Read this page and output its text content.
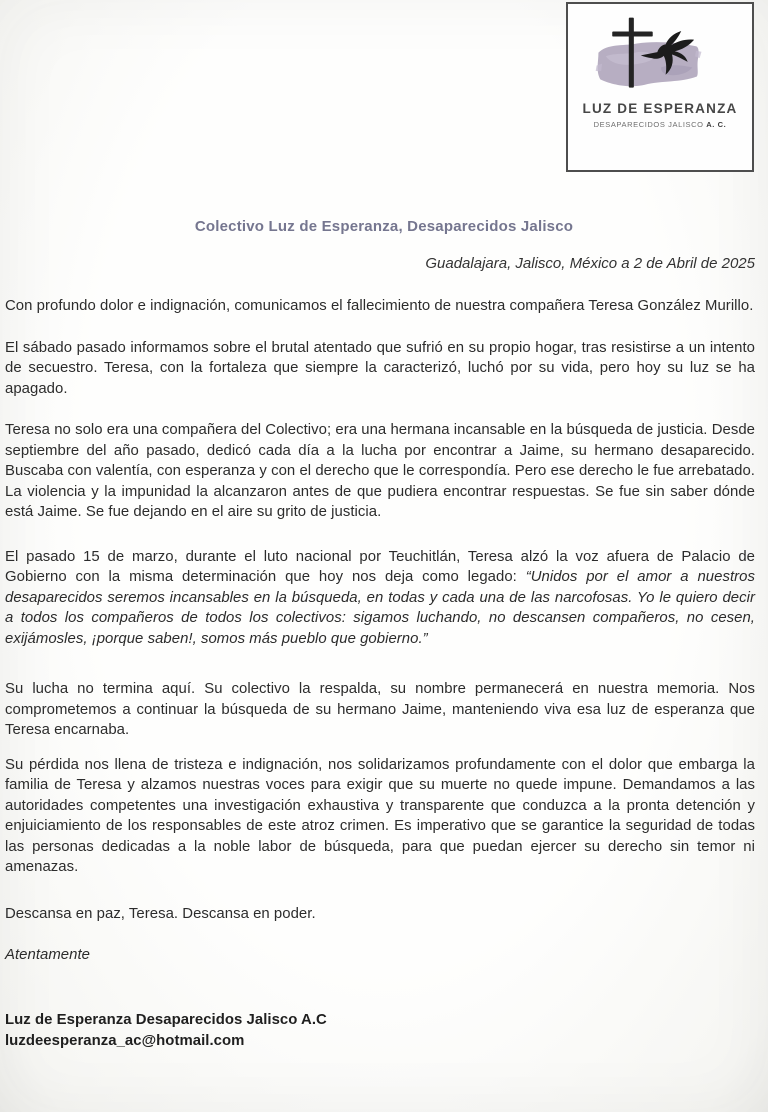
LUZ DE ESPERANZA
DESAPARECIDOS JALISCO A. C.
Colectivo Luz de Esperanza, Desaparecidos Jalisco
Guadalajara, Jalisco, México a 2 de Abril de 2025

Con profundo dolor e indignación, comunicamos el fallecimiento de nuestra compañera Teresa González Murillo.

El sábado pasado informamos sobre el brutal atentado que sufrió en su propio hogar, tras resistirse a un intento de secuestro. Teresa, con la fortaleza que siempre la caracterizó, luchó por su vida, pero hoy su luz se ha apagado.

Teresa no solo era una compañera del Colectivo; era una hermana incansable en la búsqueda de justicia. Desde septiembre del año pasado, dedicó cada día a la lucha por encontrar a Jaime, su hermano desaparecido. Buscaba con valentía, con esperanza y con el derecho que le correspondía. Pero ese derecho le fue arrebatado. La violencia y la impunidad la alcanzaron antes de que pudiera encontrar respuestas. Se fue sin saber dónde está Jaime. Se fue dejando en el aire su grito de justicia.

El pasado 15 de marzo, durante el luto nacional por Teuchitlán, Teresa alzó la voz afuera de Palacio de Gobierno con la misma determinación que hoy nos deja como legado: “Unidos por el amor a nuestros desaparecidos seremos incansables en la búsqueda, en todas y cada una de las narcofosas. Yo le quiero decir a todos los compañeros de todos los colectivos: sigamos luchando, no descansen compañeros, no cesen, exijámosles, ¡porque saben!, somos más pueblo que gobierno.”

Su lucha no termina aquí. Su colectivo la respalda, su nombre permanecerá en nuestra memoria. Nos comprometemos a continuar la búsqueda de su hermano Jaime, manteniendo viva esa luz de esperanza que Teresa encarnaba.

Su pérdida nos llena de tristeza e indignación, nos solidarizamos profundamente con el dolor que embarga la familia de Teresa y alzamos nuestras voces para exigir que su muerte no quede impune. Demandamos a las autoridades competentes una investigación exhaustiva y transparente que conduzca a la pronta detención y enjuiciamiento de los responsables de este atroz crimen. Es imperativo que se garantice la seguridad de todas las personas dedicadas a la noble labor de búsqueda, para que puedan ejercer su derecho sin temor ni amenazas.

Descansa en paz, Teresa. Descansa en poder.

Atentamente

Luz de Esperanza Desaparecidos Jalisco A.C

luzdeesperanza_ac@hotmail.com
